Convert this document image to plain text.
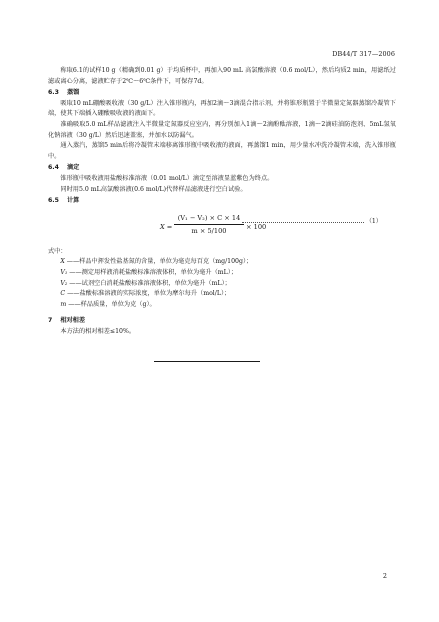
DB44/T 317—2006

称取6.1的试样10 g（精确到0.01 g）于均质杯中，再加入90 mL 高氯酸溶液（0.6 mol/L），然后均质2 min，用滤纸过滤或离心分离，滤液贮存于2℃～6℃条件下，可保存7d。

6.3 蒸馏

吸取10 mL硼酸吸收液（30 g/L）注入锥形瓶内，再加2滴～3滴混合指示剂，并将锥形瓶置于半微量定氮器蒸馏冷凝管下端，使其下端插入硼酸吸收液的液面下。

准确吸取5.0 mL样品滤液注入半微量定氮器反应室内，再分别加入1滴～2滴酚酞溶液，1滴～2滴硅油防泡剂、5mL氢氧化钠溶液（30 g/L）然后迅速盖塞，并加水以防漏气。

通入蒸汽，蒸馏5 min后将冷凝管末端移离锥形瓶中吸收液的液面，再蒸馏1 min，用少量水冲洗冷凝管末端，洗入锥形瓶中。

6.4 滴定

锥形瓶中吸收液用盐酸标准溶液（0.01 mol/L）滴定至溶液显蓝紫色为终点。

同时用5.0 mL高氯酸溶液(0.6 mol/L)代替样品滤液进行空白试验。

6.5 计算
$X = \frac{\text{(V₁ − V₂) × C × 14}}{m \times 5/100} \times 100$
（1）

式中：

X ——样品中挥发性盐基氮的含量，单位为毫克每百克（mg/100g）；

V₁ ——测定用样液消耗盐酸标准溶液体积，单位为毫升（mL）；

V₂ ——试剂空白消耗盐酸标准溶液体积，单位为毫升（mL）；

C ——盐酸标准溶液的实际浓度，单位为摩尔每升（mol/L）；

m ——样品质量，单位为克（g）。

7 相对相差

本方法的相对相差≤10%。

2
